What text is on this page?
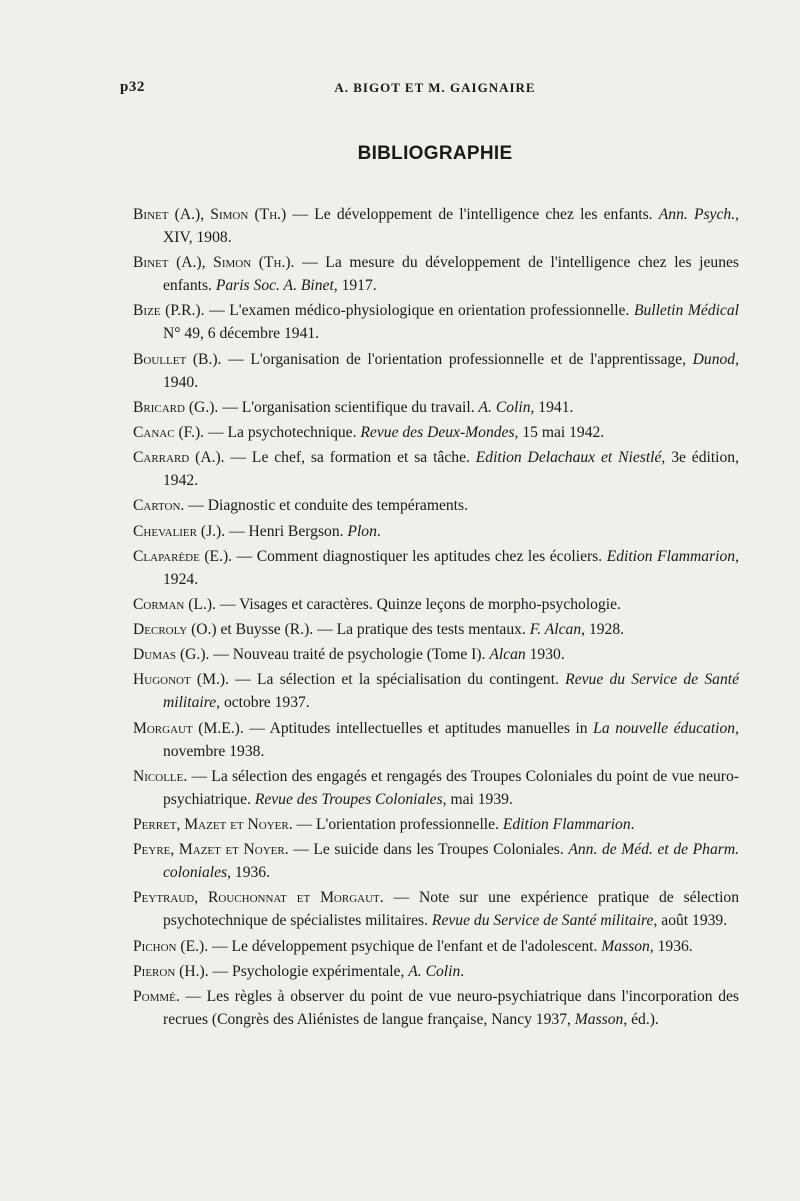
p32	A. BIGOT ET M. GAIGNAIRE
BIBLIOGRAPHIE
Binet (A.), Simon (Th.) — Le développement de l'intelligence chez les enfants. Ann. Psych., XIV, 1908.
Binet (A.), Simon (Th.). — La mesure du développement de l'intelligence chez les jeunes enfants. Paris Soc. A. Binet, 1917.
Bize (P.R.). — L'examen médico-physiologique en orientation professionnelle. Bulletin Médical N° 49, 6 décembre 1941.
Boullet (B.). — L'organisation de l'orientation professionnelle et de l'apprentissage, Dunod, 1940.
Bricard (G.). — L'organisation scientifique du travail. A. Colin, 1941.
Canac (F.). — La psychotechnique. Revue des Deux-Mondes, 15 mai 1942.
Carrard (A.). — Le chef, sa formation et sa tâche. Edition Delachaux et Niestlé, 3e édition, 1942.
Carton. — Diagnostic et conduite des tempéraments.
Chevalier (J.). — Henri Bergson. Plon.
Claparède (E.). — Comment diagnostiquer les aptitudes chez les écoliers. Edition Flammarion, 1924.
Corman (L.). — Visages et caractères. Quinze leçons de morpho-psychologie.
Decroly (O.) et Buysse (R.). — La pratique des tests mentaux. F. Alcan, 1928.
Dumas (G.). — Nouveau traité de psychologie (Tome I). Alcan 1930.
Hugonot (M.). — La sélection et la spécialisation du contingent. Revue du Service de Santé militaire, octobre 1937.
Morgaut (M.E.). — Aptitudes intellectuelles et aptitudes manuelles in La nouvelle éducation, novembre 1938.
Nicolle. — La sélection des engagés et rengagés des Troupes Coloniales du point de vue neuro-psychiatrique. Revue des Troupes Coloniales, mai 1939.
Perret, Mazet et Noyer. — L'orientation professionnelle. Edition Flammarion.
Peyre, Mazet et Noyer. — Le suicide dans les Troupes Coloniales. Ann. de Méd. et de Pharm. coloniales, 1936.
Peytraud, Rouchonnat et Morgaut. — Note sur une expérience pratique de sélection psychotechnique de spécialistes militaires. Revue du Service de Santé militaire, août 1939.
Pichon (E.). — Le développement psychique de l'enfant et de l'adolescent. Masson, 1936.
Pieron (H.). — Psychologie expérimentale, A. Colin.
Pommé. — Les règles à observer du point de vue neuro-psychiatrique dans l'incorporation des recrues (Congrès des Aliénistes de langue française, Nancy 1937, Masson, éd.).
